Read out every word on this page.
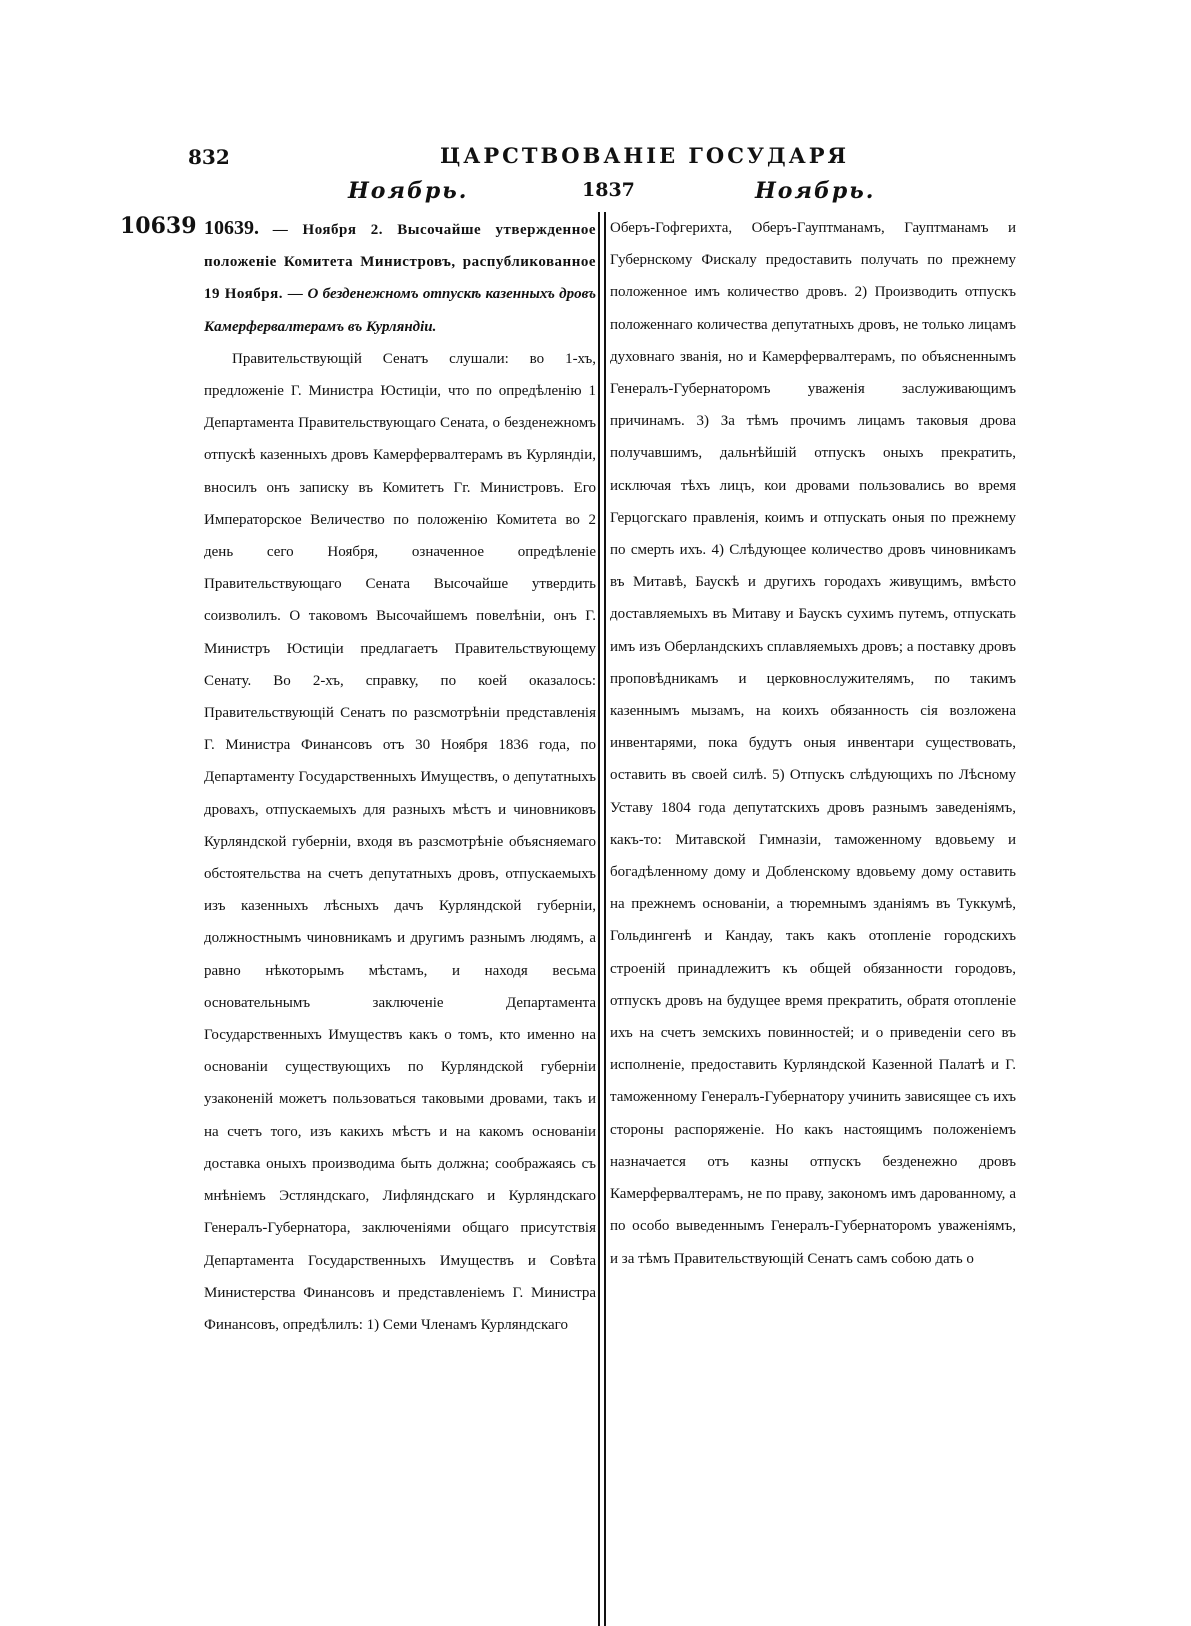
832	ЦАРСТВОВАНІЕ ГОСУДАРЯ
Ноябрь.	1837	Ноябрь.
10639 10639. — Ноября 2. Высочайше утвержденное положеніе Комитета Министровъ, распубликованное 19 Ноября. — О безденежномъ отпускѣ казенныхъ дровъ Камерфервалтерамъ въ Курляндіи.

Правительствующій Сенатъ слушали: во 1-хъ, предложеніе Г. Министра Юстиціи, что по опредѣленію 1 Департамента Правительствующаго Сената, о безденежномъ отпускѣ казенныхъ дровъ Камерфервалтерамъ въ Курляндіи, вносилъ онъ записку въ Комитетъ Гг. Министровъ. Его Императорское Величество по положенію Комитета во 2 день сего Ноября, означенное опредѣленіе Правительствующаго Сената Высочайше утвердить соизволилъ. О таковомъ Высочайшемъ повелѣніи, онъ Г. Министръ Юстиціи предлагаетъ Правительствующему Сенату. Во 2-хъ, справку, по коей оказалось: Правительствующій Сенатъ по разсмотрѣніи представленія Г. Министра Финансовъ отъ 30 Ноября 1836 года, по Департаменту Государственныхъ Имуществъ, о депутатныхъ дровахъ, отпускаемыхъ для разныхъ мѣстъ и чиновниковъ Курляндской губерніи, входя въ разсмотрѣніе объясняемаго обстоятельства на счетъ депутатныхъ дровъ, отпускаемыхъ изъ казенныхъ лѣсныхъ дачъ Курляндской губерніи, должностнымъ чиновникамъ и другимъ разнымъ людямъ, а равно нѣкоторымъ мѣстамъ, и находя весьма основательнымъ заключеніе Департамента Государственныхъ Имуществъ какъ о томъ, кто именно на основаніи существующихъ по Курляндской губерніи узаконеній можетъ пользоваться таковыми дровами, такъ и на счетъ того, изъ какихъ мѣстъ и на какомъ основаніи доставка оныхъ производима быть должна; соображаясь съ мнѣніемъ Эстляндскаго, Лифляндскаго и Курляндскаго Генералъ-Губернатора, заключеніями общаго присутствія Департамента Государственныхъ Имуществъ и Совѣта Министерства Финансовъ и представленіемъ Г. Министра Финансовъ, опредѣлилъ: 1) Семи Членамъ Курляндскаго

Оберъ-Гофгерихта, Оберъ-Гауптманамъ, Гауптманамъ и Губернскому Фискалу предоставить получать по прежнему положенное имъ количество дровъ. 2) Производить отпускъ положеннаго количества депутатныхъ дровъ, не только лицамъ духовнаго званія, но и Камерфервалтерамъ, по объясненнымъ Генералъ-Губернаторомъ уваженія заслуживающимъ причинамъ. 3) За тѣмъ прочимъ лицамъ таковыя дрова получавшимъ, дальнѣйшій отпускъ оныхъ прекратить, исключая тѣхъ лицъ, кои дровами пользовались во время Герцогскаго правленія, коимъ и отпускать оныя по прежнему по смерть ихъ. 4) Слѣдующее количество дровъ чиновникамъ въ Митавѣ, Баускѣ и другихъ городахъ живущимъ, вмѣсто доставляемыхъ въ Митаву и Баускъ сухимъ путемъ, отпускать имъ изъ Оберландскихъ сплавляемыхъ дровъ; а поставку дровъ проповѣдникамъ и церковнослужителямъ, по такимъ казеннымъ мызамъ, на коихъ обязанность сія возложена инвентарями, пока будутъ оныя инвентари существовать, оставить въ своей силѣ. 5) Отпускъ слѣдующихъ по Лѣсному Уставу 1804 года депутатскихъ дровъ разнымъ заведеніямъ, какъ-то: Митавской Гимназіи, таможенному вдовьему и богадѣленному дому и Добленскому вдовьему дому оставить на прежнемъ основаніи, а тюремнымъ зданіямъ въ Туккумѣ, Гольдингенѣ и Кандау, такъ какъ отопленіе городскихъ строеній принадлежитъ къ общей обязанности городовъ, отпускъ дровъ на будущее время прекратить, обратя отопленіе ихъ на счетъ земскихъ повинностей; и о приведеніи сего въ исполненіе, предоставить Курляндской Казенной Палатѣ и Г. таможенному Генералъ-Губернатору учинить зависящее съ ихъ стороны распоряженіе. Но какъ настоящимъ положеніемъ назначается отъ казны отпускъ безденежно дровъ Камерфервалтерамъ, не по праву, закономъ имъ дарованному, а по особо выведеннымъ Генералъ-Губернаторомъ уваженіямъ, и за тѣмъ Правительствующій Сенатъ самъ собою дать о
